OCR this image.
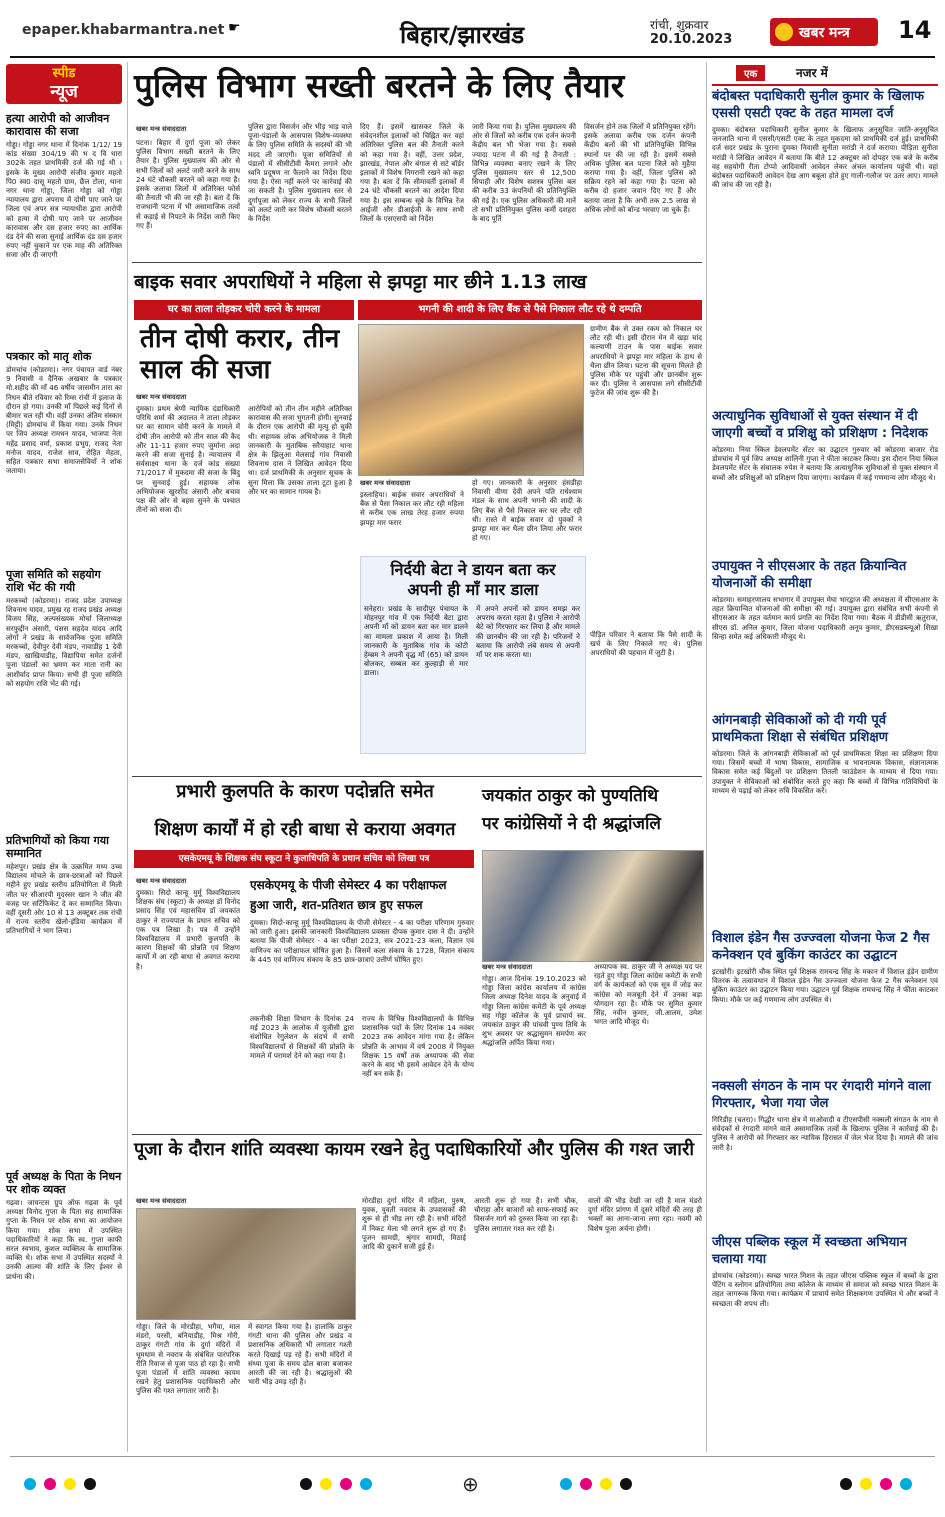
epaper.khabarmantra.net ☛	बिहार/झारखंड	रांची, शुक्रवार
20.10.2023	खबर मन्त्र 14
स्पीड
न्यूज
हत्या आरोपी को आजीवन कारावास की सजा
गोड्डा। गोड्डा नगर थाना में दिनांक 1/12/ 19 कांड संख्या 304/19 की भ द वि धारा 302के तहत प्राथमिकी दर्ज की गई थी । इसके के मुख्य आरोपी संजीव कुमार महतो पि0 स्व0 दासू महतो ग्राम, छैल टोला, थाना नगर थाना गोड्डा, जिला गोड्डा को गोड्डा न्यायालय द्वारा अपराध में दोषी पाए जाने पर जिला एवं अपर सत्र न्यायाधीश द्वारा आरोपी को हत्या में दोषी पाए जाने पर आजीवन कारावास और दस हजार रुपए का आर्थिक दंड देने की सजा सुनाई आर्थिक दंड दस हजार रुपए नहीं चुकाने पर एक माह की अतिरिक्त सजा और दी जाएगी
पत्रकार को मातृ शोक
डोमचांच (कोडरमा)। नगर पंचायत वार्ड नंबर 9 निवासी व दैनिक अखबार के पत्रकार मो.शहीद की माँ 46 वर्षीय जासमीन तारा का निधन बीते रविवार को रिम्स रांची में इलाज के दौरान हो गया। उनकी माँ पिछले कई दिनों से बीमार चल रही थी। वहीं उनका अंतिम संस्कार (मिट्टी) डोमचांच में किया गया। उनके निधन पर जिप अध्यक्ष रामधन यादव, भाजपा नेता महेंद्र प्रसाद वर्मा, प्रकाश प्रभुग्र, राजद नेता मनोज यादव, राजेश साव, रोहित मेहता, सहित पत्रकार सभा समाजसेवियों ने शोक जताया।
पूजा समिति को सहयोग राशि भेंट की गयी
मरकच्चो (कोडरमा)। राजद प्रदेश उपाध्यक्ष शिवनाथ यादव, प्रमुख रह राजद प्रखंड अध्यक्ष विजय सिंह, अल्पसंख्यक मोर्चा जिलाध्यक्ष सरफुद्दीन अंसारी, पंसस सहदेव यादव आदि लोगों ने प्रखंड के सार्वजनिक पूजा समिति मरकच्चो, देवीपुर देवी मंडप, नावाडीह 1 देवी मंडप, खाखियाडीह, विद्यापिया समेत दर्जनों पूजा पंडालों का भ्रमण कर माता रानी का आशीर्वाद प्राप्त किया। सभी ही पूजा समिति को सहयोग राशि भेंट की गई।
प्रतिभागियों को किया गया सम्मानित
महेशपुर। प्रखंड क्षेत्र के उत्क्रमित मध्य उच्च विद्यालय मोचले के छात्र-छात्राओं को पिछले महीने हुए प्रखंड स्तरीय प्रतियोगिता में मिली जीत पर सीआरपी मुदस्सर खान ने जीत की वजह पर सर्टिफिकेट दे कर सम्मानित किया। वहीं दूसरी ओर 10 से 13 अक्टूबर तक रांची में राज्य स्तरीय खेलो-इंडिया कार्यक्रम में प्रतिभागियों ने भाग लिया।
पूर्व अध्यक्ष के पिता के निधन पर शोक व्यक्त
गढ़वा। जायन्टस ग्रुप ऑफ गढ़वा के पूर्व अध्यक्ष विनोद गुप्ता के पिता सह सामाजिक गुप्ता के निधन पर शोक सभा का आयोजन किया गया। शोक सभा में उपस्थित पदाधिकारियों ने कहा कि स्व. गुप्ता काफी सरल स्वभाव, कुशल व्यक्तित्व के सामाजिक व्यक्ति थे। शोक सभा में उपस्थित सदस्यों ने उनकी आत्मा की शांति के लिए ईश्वर से प्रार्थना की।
पुलिस विभाग सख्ती बरतने के लिए तैयार
खबर मन्त्र संवाददाता
पटना। बिहार में दुर्गा पूजा को लेकर पुलिस विभाग सख्ती बरतने के लिए तैयार है। पुलिस मुख्यालय की ओर से सभी जिलों को अलर्ट जारी करने के साथ 24 घंटे चौकसी बरतने को कहा गया है। इसके अलावा जिलों में अतिरिक्त फोर्स की तैनाती भी की जा रही है। बता दें कि राजधानी पटना में भी असामाजिक तत्वों से कड़ाई से निपटने के निर्देश जारी किए गए हैं।
पुलिस द्वारा विसर्जन और भीड़ भाड़ वाले पूजा-पंडालों के आसपास विशेष-व्यवस्था के लिए पुलिस समिति के सदस्यों की भी मदद ली जाएगी। पूजा समितियों से पंडालों में सीसीटीवी कैमरा लगाने और ध्वनि प्रदूषण ना फैलाने का निर्देश दिया गया है। ऐसा नहीं करने पर कार्रवाई की जा सकती है। पुलिस मुख्यालय स्तर से दुर्गापूजा को लेकर राज्य के सभी जिलों को अलर्ट जारी कर विशेष चौकसी बरतने के निर्देश
दिए हैं। इसमें खासकर जिले के संवेदनशील इलाकों को चिह्नित कर वहां अतिरिक्त पुलिस बल की तैनाती करने को कहा गया है। वहीं, उत्तर प्रदेश, झारखंड, नेपाल और बंगाल से सटे बॉर्डर इलाकों में विशेष निगरानी रखने को कहा गया है। बता दें कि सीमावर्ती इलाकों में 24 घंटे चौकसी बरतने का आदेश दिया गया है। इस सम्बन्ध सूबे के विभिन्न रेंज आईजी और डीआईजी के साथ सभी जिलों के एसएसपी को निर्देश
जारी किया गया है। पुलिस मुख्यालय की ओर से जिलों को करीब एक दर्जन कंपनी केंद्रीय बल भी भेजा गया है। सबसे ज्यादा पटना में की गई है तैनाती : विभिन्न व्यवस्था बनाए रखने के लिए पुलिस मुख्यालय स्तर से 12,500 सिपाही और विशेष सशस्त्र पुलिस बल की करीब 33 कंपनियों की प्रतिनियुक्ति की गई है। एक पुलिस अधिकारी की मानें तो सभी प्रतिनियुक्त पुलिस कर्मी दशहरा के बाद पूर्ति
विसर्जन होने तक जिलों में प्रतिनियुक्त रहेंगे। इसके अलावा करीब एक दर्जन कंपनी केंद्रीय बलों की भी प्रतिनियुक्ति विभिन्न स्थानों पर की जा रही है। इसमें सबसे अधिक पुलिस बल पटना जिले को मुहैया कराया गया है। वहीं, जिला पुलिस को सक्रिय रहने को कहा गया है। पटना को करीब दो हजार जवान दिए गए हैं और बताया जाता है कि अभी तक 2.5 लाख से अधिक लोगों को बॉन्ड भरवाए जा चुके हैं।
बाइक सवार अपराधियों ने महिला से झपट्टा मार छीने 1.13 लाख
घर का ताला तोड़कर चोरी करने के मामला	भगनी की शादी के लिए बैंक से पैसे निकाल लौट रहे थे दम्पति
तीन दोषी करार, तीन साल की सजा
खबर मन्त्र संवाददाता
दुमका। प्रथम श्रेणी न्यायिक दंडाधिकारी परिधि शर्मा की अदालत ने ताला तोड़कर घर का सामान चोरी करने के मामले में दोषी तीन आरोपी को तीन साल की कैद और 11-11 हजार रुपए जुर्माना अदा करने की सजा सुनाई है। न्यायालय में सर्वसाक्ष्य थाना के दर्ज कांड संख्या 71/2017 में मुकदमा की सजा के बिंदु पर सुनवाई हुई। सहायक लोक अभियोजक खुरशीद अंसारी और बचाव पक्ष की ओर से बहस सुनने के पश्चात तीनों को सजा दी।
आरोपियों को तीन तीन महीने अतिरिक्त कारावास की सजा भुगतनी होगी। सुनवाई के दौरान एक आरोपी की मृत्यु हो चुकी थी। सहायक लोक अभियोजक ने मिली जानकारी के मुताबिक सरैयाहाट थाना क्षेत्र के झिलुआ मेलसाई गांव निवासी शिवनाथ दास ने लिखित आवेदन दिया था। दर्ज प्राथमिकी के अनुसार सूचक के सूना मिला कि उसका ताला टूटा हुआ है और घर का सामान गायब है।
खबर मन्त्र संवाददाता
इस्लाहिया। बाईक सवार अपराधियों ने बैंक से पैसा निकाल कर लौट रही महिला से करीब एक लाख तेरह हजार रुपया झपट्टा मार फरार
हो गए। जानकारी के अनुसार हंसडीहा निवासी वीणा देवी अपने पति राधेश्याम मंडल के साथ अपनी भगनी की शादी के लिए बैंक से पैसे निकाल कर घर लौट रही थी। रास्ते में बाईक सवार दो युवकों ने झपट्टा मार कर थैला छीन लिया और फरार हो गए।
ग्रामीण बैंक से उक्त रकम को निकाल घर लौट रही थी। इसी दौरान मेन में खड़ा चांद कल्याणी टाउन के पास बाईक सवार अपराधियों ने झपट्टा मार महिला के हाथ से थैला छीन लिया। घटना की सूचना मिलते ही पुलिस मौके पर पहुंची और छानबीन शुरू कर दी। पुलिस ने आसपास लगे सीसीटीवी फुटेज की जांच शुरू की है।
निर्दयी बेटा ने डायन बता कर अपनी ही माँ मार डाला
सनेहरा। प्रखंड के सादीपुर पंचायत के मोहनपुर गांव में एक निर्दयी बेटा द्वारा अपनी माँ को डायन बता कर मार डालने का मामला प्रकाश में आया है। मिली जानकारी के मुताबिक गांव के कोटी हेम्ब्रम ने अपनी वृद्ध माँ (65) को डायन बोलकर, सब्बल कर कुल्हाड़ी से मार डाला।
में अपने अपनों को डायन समझ कर अपराध करता रहता है। पुलिस ने आरोपी बेटे को गिरफ्तार कर लिया है और मामले की छानबीन की जा रही है। परिजनों ने बताया कि आरोपी लंबे समय से अपनी माँ पर शक करता था।
पीड़ित परिवार ने बताया कि पैसे शादी के खर्च के लिए निकाले गए थे। पुलिस अपराधियों की पहचान में जुटी है।
प्रभारी कुलपति के कारण पदोन्नति समेत
शिक्षण कार्यों में हो रही बाधा से कराया अवगत
एसकेएमयू के शिक्षक संघ स्कूटा ने कुलाधिपति के प्रधान सचिव को लिखा पत्र
खबर मन्त्र संवाददाता
दुमका। सिदो कान्हू मुर्मू विश्वविद्यालय शिक्षक संघ (स्कूटा) के अध्यक्ष डॉ विनोद प्रसाद सिंह एवं महासचिव डॉ जयकांत ठाकुर ने राज्यपाल के प्रधान सचिव को एक पत्र लिखा है। पत्र में उन्होंने विश्वविद्यालय में प्रभारी कुलपति के कारण शिक्षकों की प्रोन्नति एवं शिक्षण कार्यों में आ रही बाधा से अवगत कराया है।
एसकेएमयू के पीजी सेमेस्टर 4 का परीक्षाफल
हुआ जारी, शत-प्रतिशत छात्र हुए सफल
दुमका। सिदो-कान्हू मुर्मू विश्वविद्यालय के पीजी सेमेस्टर - 4 का परीक्षा परिणाम गुरुवार को जारी हुआ। इसकी जानकारी विश्वविद्यालय प्रवक्ता दीपक कुमार दास ने दी। उन्होंने बताया कि पीजी सेमेस्टर - 4 का परीक्षा 2023, सत्र 2021-23 कला, विज्ञान एवं वाणिज्य का परीक्षाफल घोषित हुआ है। जिसमें कला संकाय के 1728, विज्ञान संकाय के 445 एवं वाणिज्य संकाय के 85 छात्र-छात्राएं उत्तीर्ण घोषित हुए।
तकनीकी शिक्षा विभाग के दिनांक 24 मई 2023 के आलोक में यूजीसी द्वारा संशोधित रेगुलेशन के संदर्भ में सभी विश्वविद्यालयों से शिक्षकों की प्रोन्नति के मामले में परामर्श देने को कहा गया है।
राज्य के विभिन्न विश्वविद्यालयों के विभिन्न प्रशासनिक पदों के लिए दिनांक 14 नवंबर 2023 तक आवेदन मांगा गया है। लेकिन प्रोन्नति के आभाव में वर्ष 2008 में नियुक्त शिक्षक 15 वर्षों तक अध्यापक की सेवा करने के बाद भी इसमें आवेदन देने के योग्य नहीं बन सके हैं।
जयकांत ठाकुर को पुण्यतिथि
पर कांग्रेसियों ने दी श्रद्धांजलि
खबर मन्त्र संवाददाता
गोड्डा। आज दिनांक 19.10.2023 को गोड्डा जिला कांग्रेस कार्यालय में कांग्रेस जिला अध्यक्ष दिनेश यादव के अनुवाई में गोड्डा जिला कांग्रेस कमेटी के पूर्व अध्यक्ष सह गोड्डा कॉलेज के पूर्व प्राचार्य स्व. जयकांत ठाकुर की पांचवी पुण्य तिथि के शुभ अवसर पर श्रद्धासुमन समर्पण कर श्रद्धांजलि अर्पित किया गया।
अध्यापक स्व. ठाकुर जी ने अध्यक्ष पद पर रहते हुए गोड्डा जिला कांग्रेस कमेटी के सभी वर्ग के कार्यकर्ता को एक सूत्र में जोड़ कर कांग्रेस को मजबूती देने में उनका बड़ा योगदान रहा है। मौके पर सुमित कुमार सिंह, नवीन कुमार, जी.आलम, उमेश भगत आदि मौजूद थे।
पूजा के दौरान शांति व्यवस्था कायम रखने हेतु पदाधिकारियों और पुलिस की गश्त जारी
खबर मन्त्र संवाददाता
गोड्डा। जिले के मोरडीहा, भगैया, माल मंडरो, परसी, बनियाडीह, मिश्र गोरी, ठाकुर गंगटी गांव के दुर्गा मंदिरों में धूमधाम से नवरात्र के संबंधित पारंपरिक रीति रिवाज से पूजा पाठ हो रहा है। सभी पूजा पंडालों में शांति व्यवस्था कायम रखने हेतु प्रशासनिक पदाधिकारी और पुलिस की गश्त लगातार जारी है।
में स्वागत किया गया है। हालांकि ठाकुर गंगटी थाना की पुलिस और प्रखंड व प्रशासनिक अधिकारी भी लगातार गश्ती करते दिखाई पड़ रहे हैं। सभी मंदिरों में संध्या पूजा के समय ढोल बाजा बजाकर आरती की जा रही है। श्रद्धालुओं की भारी भीड़ उमड़ रही है।
मोरडीहा दुर्गा मंदिर में महिला, पुरुष, युवक, युवती नवरात्र के उपवासकों की शुरू से ही भीड़ लग रही है। सभी मंदिरों में निकट मेला भी लगने शुरू हो गए हैं। पूजन सामग्री, श्रृंगार सामग्री, मिठाई आदि की दुकानें सजी हुई हैं।
आरती शुरू हो गया है। सभी चौक, चौराहा और बाजारों को साफ-सफाई कर विसर्जन मार्ग को दुरुस्त किया जा रहा है। पुलिस लगातार गश्त कर रही है।
वालों की भीड़ देखी जा रही है माल मंडरो दुर्गा मंदिर प्रांगण में दूसरे मंदिरों की तरह ही भक्तों का आना-जाना लगा रहा। नवमी को विशेष पूजा अर्चना होगी।
एक	नजर में
बंदोबस्त पदाधिकारी सुनील कुमार के खिलाफ एससी एसटी एक्ट के तहत मामला दर्ज
दुमका। बंदोबस्त पदाधिकारी सुनील कुमार के खिलाफ अनुसूचित जाति-अनुसूचित जनजाति थाना में एससी/एसटी एक्ट के तहत मुकदमा को प्राथमिकी दर्ज हुई। प्राथमिकी दर्ज सदर प्रखंड के पुराना दुमका निवासी सुनीता मरांडी ने दर्ज कराया। पीड़िता सुनीता मरांडी ने लिखित आवेदन में बताया कि बीते 12 अक्टूबर को दोपहर एक बजे के करीब वह सहयोगी रीता टोप्पो आदिवासी आवेदन लेकर अंचल कार्यालय पहुंची थी। वहां बंदोबस्त पदाधिकारी आवेदन देख आग बबूला होते हुए गाली-गलौज पर उतर आए। मामले की जांच की जा रही है।
अत्याधुनिक सुविधाओं से युक्त संस्थान में दी जाएगी बच्चों व प्रशिक्षु को प्रशिक्षण : निदेशक
कोडरमा। निया स्किल डेवलपमेंट सेंटर का उद्घाटन गुरुवार को कोडरमा बाजार रोड डोमचांच में पूर्व जिप अध्यक्ष शालिनी गुप्ता ने फीता काटकर किया। इस दौरान निया स्किल डेवलपमेंट सेंटर के संचालक रुपेश ने बताया कि अत्याधुनिक सुविधाओं से युक्त संस्थान में बच्चों और प्रशिक्षुओं को प्रशिक्षण दिया जाएगा। कार्यक्रम में कई गणमान्य लोग मौजूद थे।
उपायुक्त ने सीएसआर के तहत क्रियान्वित योजनाओं की समीक्षा
कोडरमा। समाहरणालय सभागार में उपायुक्त मेघा भारद्वाज की अध्यक्षता में सीएसआर के तहत क्रियान्वित योजनाओं की समीक्षा की गई। उपायुक्त द्वारा संबंधित सभी कंपनी से सीएसआर के तहत वर्तमान कार्य प्रगति का निर्देश दिया गया। बैठक में डीडीसी ऋतुराज, सीएस डॉ. अनिल कुमार, जिला योजना पदाधिकारी अनूप कुमार, डीएसडब्ल्यूओ शिखा सिन्हा समेत कई अधिकारी मौजूद थे।
आंगनबाड़ी सेविकाओं को दी गयी पूर्व प्राथमिकता शिक्षा से संबंधित प्रशिक्षण
कोडरमा। जिले के आंगनबाड़ी सेविकाओं को पूर्व प्राथमिकता शिक्षा का प्रशिक्षण दिया गया। जिसमें बच्चों में भाषा विकास, सामाजिक व भावनात्मक विकास, संज्ञानात्मक विकास समेत कई बिंदुओं पर प्रशिक्षण तितली फाउंडेशन के माध्यम से दिया गया। उपायुक्त ने सेविकाओं को संबोधित करते हुए कहा कि बच्चों में विभिन्न गतिविधियों के माध्यम से पढ़ाई को लेकर रुचि विकसित करें।
विशाल इंडेन गैस उज्ज्वला योजना फेज 2 गैस कनेक्शन एवं बुकिंग काउंटर का उद्घाटन
इटखोरी। इटखोरी चौक स्थित पूर्व शिक्षक रामचन्द्र सिंह के मकान में विशाल इंडेन ग्रामीण वितरक के तत्वावधान में विशाल इंडेन गैस उज्ज्वला योजना फेज 2 गैस कनेक्शन एवं बुकिंग काउंटर का उद्घाटन किया गया। उद्घाटन पूर्व शिक्षक रामचन्द्र सिंह ने फीता काटकर किया। मौके पर कई गणमान्य लोग उपस्थित थे।
नक्सली संगठन के नाम पर रंगदारी मांगने वाला गिरफ्तार, भेजा गया जेल
गिरिडीह (चतरा)। गिद्धौर थाना क्षेत्र में माओवादी व टीएसपीसी नक्सली संगठन के नाम से संवेदकों से रंगदारी मांगने वाले असामाजिक तत्वों के खिलाफ पुलिस ने कार्रवाई की है। पुलिस ने आरोपी को गिरफ्तार कर न्यायिक हिरासत में जेल भेज दिया है। मामले की जांच जारी है।
जीएस पब्लिक स्कूल में स्वच्छता अभियान चलाया गया
डोमचांच (कोडरमा)। स्वच्छ भारत मिशन के तहत जीएस पब्लिक स्कूल में बच्चों के द्वारा पेंटिंग व स्लोगन प्रतियोगिता तथा कॉलेज के माध्यम से समाज को स्वच्छ भारत मिशन के तहत जागरूक किया गया। कार्यक्रम में प्राचार्य समेत शिक्षकगण उपस्थित थे और बच्चों ने स्वच्छता की शपथ ली।
⊕
